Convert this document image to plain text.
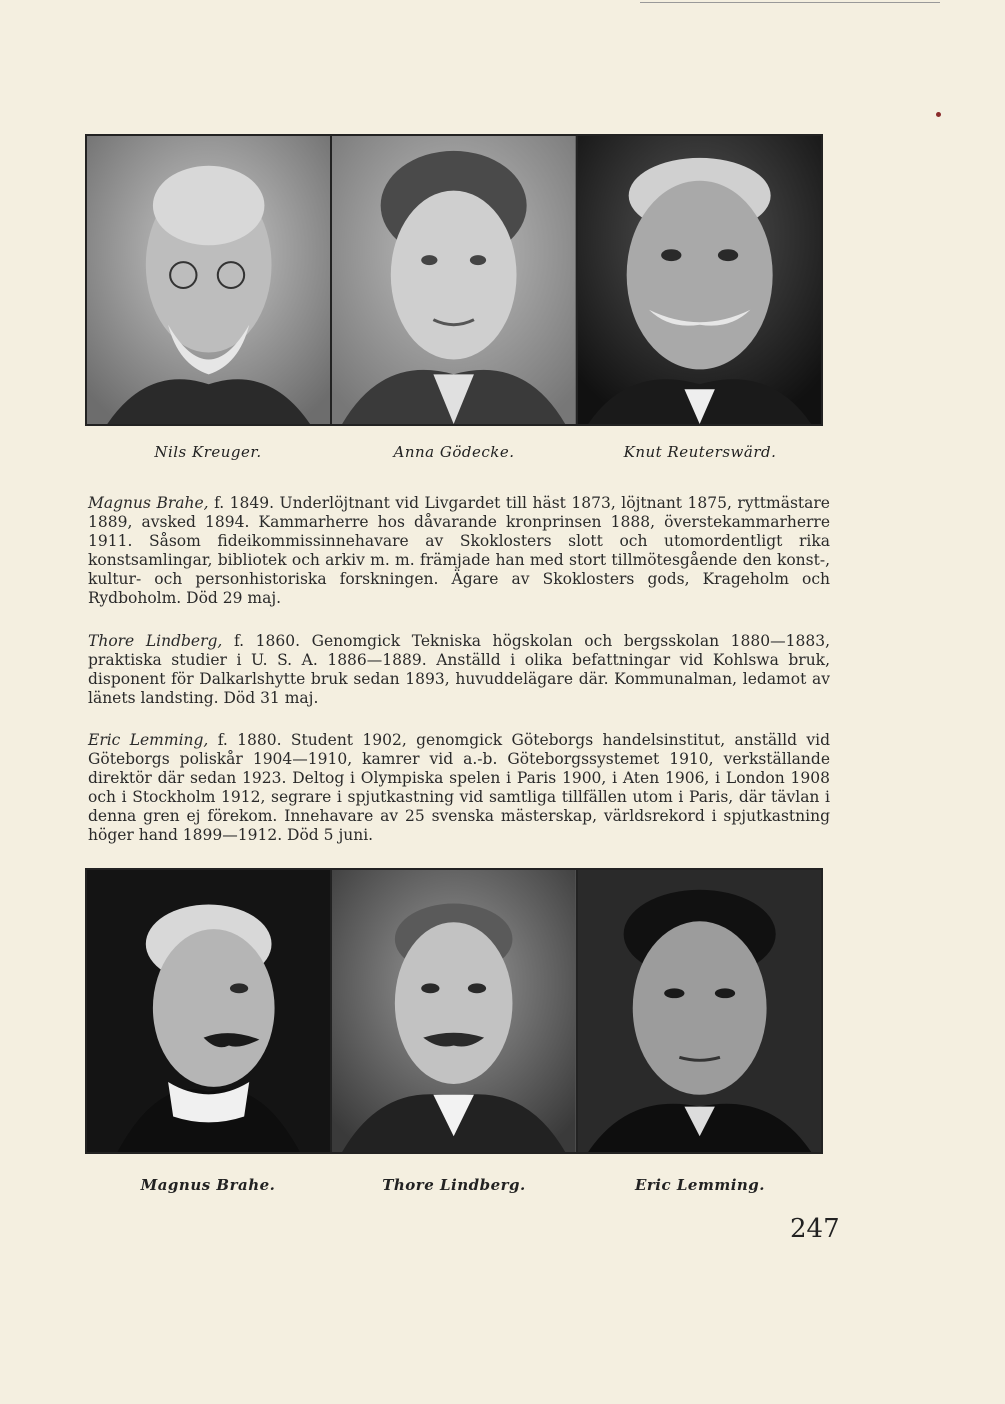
Nils Kreuger.	Anna Gödecke.	Knut Reuterswärd.

Magnus Brahe, f. 1849. Underlöjtnant vid Livgardet till häst 1873, löjtnant 1875, ryttmästare 1889, avsked 1894. Kammarherre hos dåvarande kronprinsen 1888, överstekammarherre 1911. Såsom fideikommissinnehavare av Skoklosters slott och utomordentligt rika konstsamlingar, bibliotek och arkiv m. m. främjade han med stort tillmötesgående den konst-, kultur- och personhistoriska forskningen. Ägare av Skoklosters gods, Krageholm och Rydboholm. Död 29 maj.

Thore Lindberg, f. 1860. Genomgick Tekniska högskolan och bergsskolan 1880—1883, praktiska studier i U. S. A. 1886—1889. Anställd i olika befattningar vid Kohlswa bruk, disponent för Dalkarlshytte bruk sedan 1893, huvuddelägare där. Kommunalman, ledamot av länets landsting. Död 31 maj.

Eric Lemming, f. 1880. Student 1902, genomgick Göteborgs handelsinstitut, anställd vid Göteborgs poliskår 1904—1910, kamrer vid a.-b. Göteborgssystemet 1910, verkställande direktör där sedan 1923. Deltog i Olympiska spelen i Paris 1900, i Aten 1906, i London 1908 och i Stockholm 1912, segrare i spjutkastning vid samtliga tillfällen utom i Paris, där tävlan i denna gren ej förekom. Innehavare av 25 svenska mästerskap, världsrekord i spjutkastning höger hand 1899—1912. Död 5 juni.

Magnus Brahe.	Thore Lindberg.	Eric Lemming.
247
